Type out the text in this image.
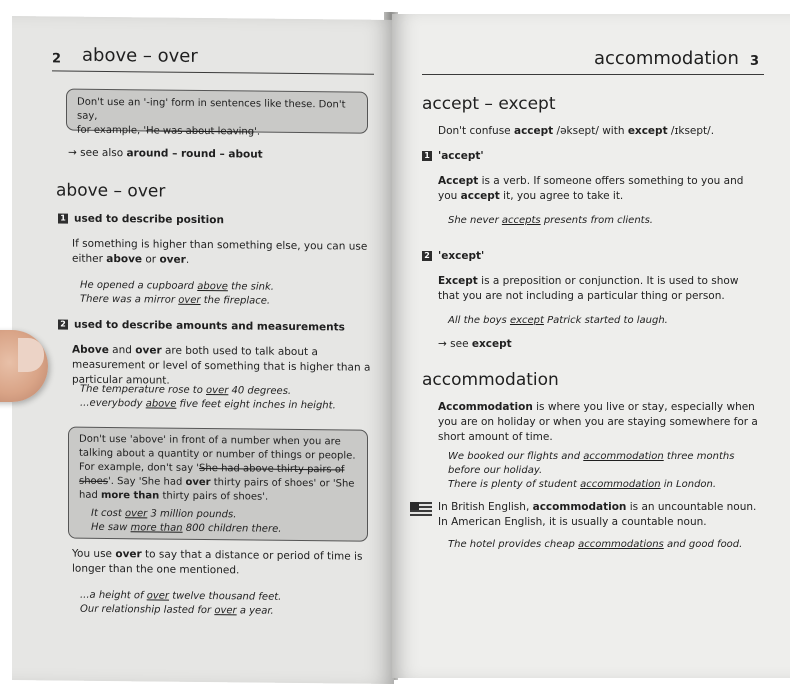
2 above – over
Don't use an '-ing' form in sentences like these. Don't say,
for example, 'He was about leaving'.
→ see also around – round – about
above – over
1 used to describe position
If something is higher than something else, you can use either above or over.
He opened a cupboard above the sink.
There was a mirror over the fireplace.
2 used to describe amounts and measurements
Above and over are both used to talk about a measurement or level of something that is higher than a particular amount.
The temperature rose to over 40 degrees.
...everybody above five feet eight inches in height.
Don't use 'above' in front of a number when you are talking about a quantity or number of things or people. For example, don't say 'She had above thirty pairs of shoes'. Say 'She had over thirty pairs of shoes' or 'She had more than thirty pairs of shoes'.
It cost over 3 million pounds.
He saw more than 800 children there.
You use over to say that a distance or period of time is longer than the one mentioned.
...a height of over twelve thousand feet.
Our relationship lasted for over a year.
accommodation 3
accept – except
Don't confuse accept /əksept/ with except /ɪksept/.
1 'accept'
Accept is a verb. If someone offers something to you and you accept it, you agree to take it.
She never accepts presents from clients.
2 'except'
Except is a preposition or conjunction. It is used to show that you are not including a particular thing or person.
All the boys except Patrick started to laugh.
→ see except
accommodation
Accommodation is where you live or stay, especially when you are on holiday or when you are staying somewhere for a short amount of time.
We booked our flights and accommodation three months before our holiday.
There is plenty of student accommodation in London.
In British English, accommodation is an uncountable noun.
In American English, it is usually a countable noun.
The hotel provides cheap accommodations and good food.
